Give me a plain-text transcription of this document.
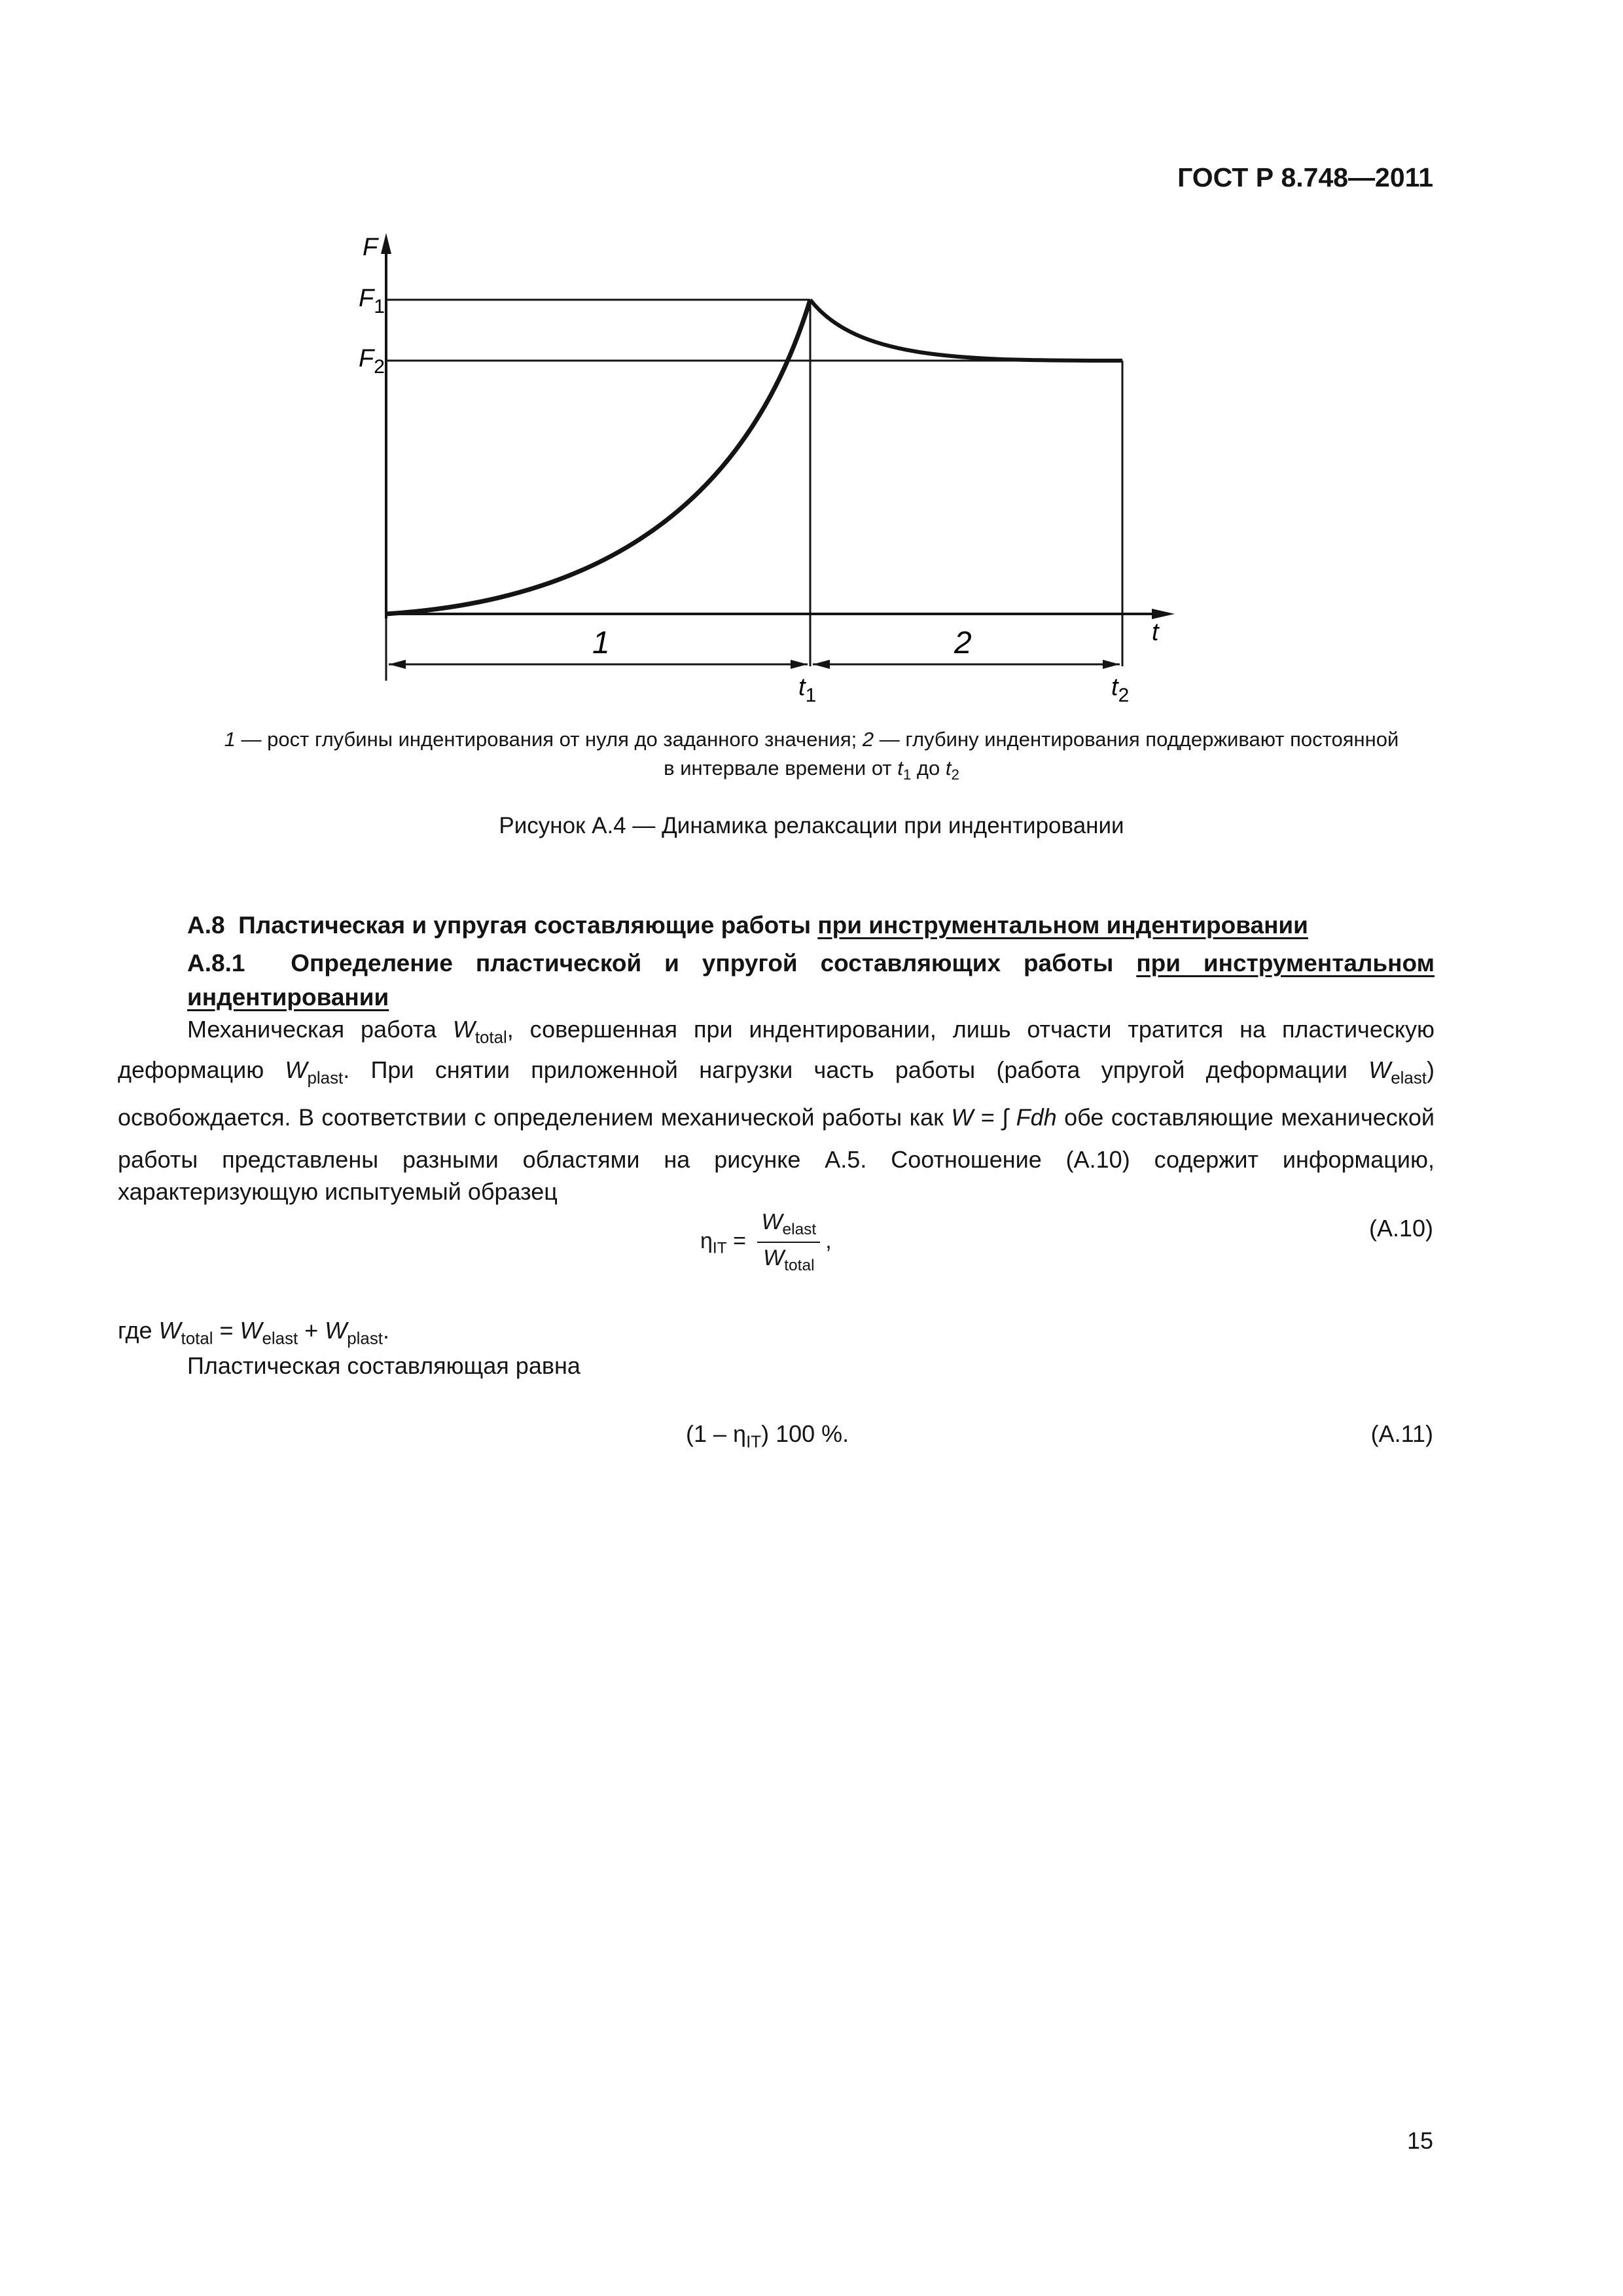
ГОСТ Р 8.748—2011
F
$F_1$
$F_2$
t
1	2
$t_1$	$t_2$
1 — рост глубины индентирования от нуля до заданного значения; 2 — глубину индентирования поддерживают постоянной
в интервале времени от $t_1$ до $t_2$
Рисунок А.4 — Динамика релаксации при индентировании
А.8 Пластическая и упругая составляющие работы при инструментальном индентировании
А.8.1 Определение пластической и упругой составляющих работы при инструментальном индентировании
Механическая работа $W_{total}$, совершенная при индентировании, лишь отчасти тратится на пластическую деформацию $W_{plast}$. При снятии приложенной нагрузки часть работы (работа упругой деформации $W_{elast}$) освобождается. В соответствии с определением механической работы как W = ∫ Fdh обе составляющие механической работы представлены разными областями на рисунке А.5. Соотношение (А.10) содержит информацию, характеризующую испытуемый образец
$\eta_{IT} = \frac{W_{elast}}{W_{total}}$ ,	(А.10)
где $W_{total} = W_{elast} + W_{plast}$.
Пластическая составляющая равна
$(1 - \eta_{IT})$ 100 %.	(А.11)
15
